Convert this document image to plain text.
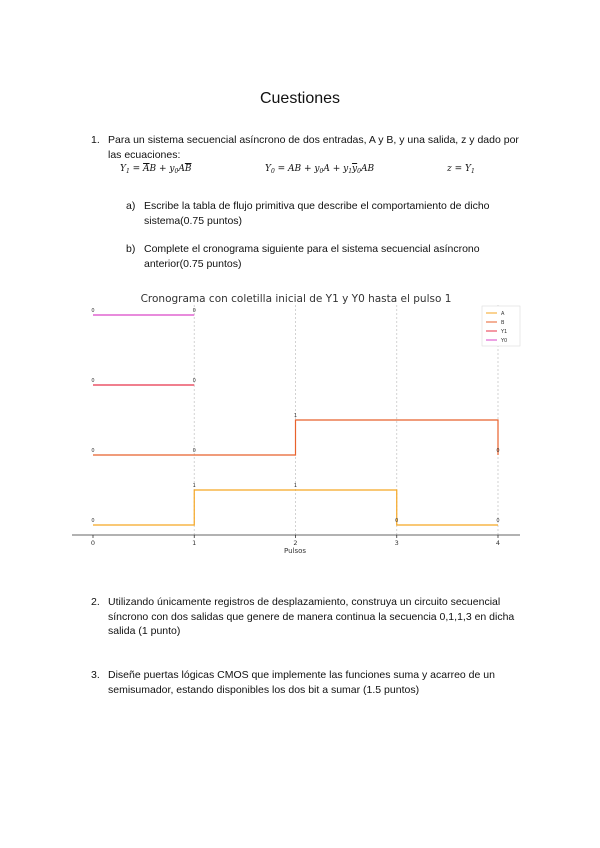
Cuestiones
1. Para un sistema secuencial asíncrono de dos entradas, A y B, y una salida, z y dado por las ecuaciones:
$Y_1 = \overline{A}B + y_0A\overline{B}$	$Y_0$ = AB + $y_0A + y_1\overline{y}_0AB$	$z = Y_1$
a) Escribe la tabla de flujo primitiva que describe el comportamiento de dicho sistema(0.75 puntos)
b) Complete el cronograma siguiente para el sistema secuencial asíncrono anterior(0.75 puntos)
Cronograma con coletilla inicial de Y1 y Y0 hasta el pulso 1
0
1	1
0	0
0	0
1
0
0	0
0	0
0	1	2	3	4
Pulsos
A
B
Y1
Y0
2. Utilizando únicamente registros de desplazamiento, construya un circuito secuencial síncrono con dos salidas que genere de manera continua la secuencia 0,1,1,3 en dicha salida (1 punto)
3. Diseñe puertas lógicas CMOS que implemente las funciones suma y acarreo de un semisumador, estando disponibles los dos bit a sumar (1.5 puntos)
